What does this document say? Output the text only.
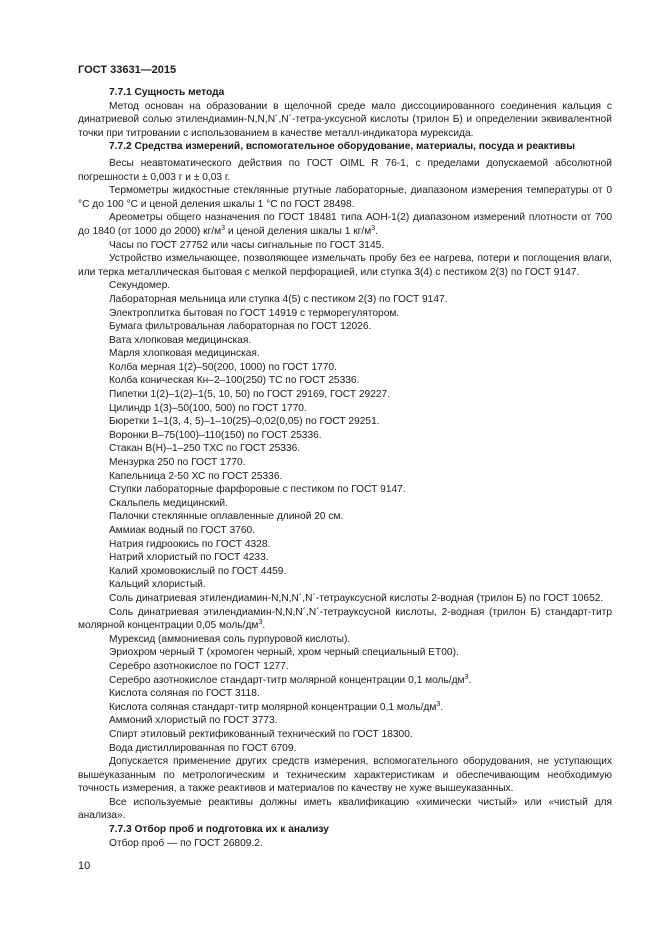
ГОСТ 33631—2015

7.7.1 Сущность метода

Метод основан на образовании в щелочной среде мало диссоциированного соединения кальция с динатриевой солью этилендиамин-N,N,N´,N´-тетра-уксусной кислоты (трилон Б) и определении эквивалентной точки при титровании с использованием в качестве металл-индикатора мурексида.

7.7.2 Средства измерений, вспомогательное оборудование, материалы, посуда и реактивы

Весы неавтоматического действия по ГОСТ OIML R 76-1, с пределами допускаемой абсолютной погрешности ± 0,003 г и ± 0,03 г.

Термометры жидкостные стеклянные ртутные лабораторные, диапазоном измерения температуры от 0 °С до 100 °С и ценой деления шкалы 1 °С по ГОСТ 28498.

Ареометры общего назначения по ГОСТ 18481 типа АОН-1(2) диапазоном измерений плотности от 700 до 1840 (от 1000 до 2000) $кг/м^3$ и ценой деления шкалы 1 $кг/м^3$.

Часы по ГОСТ 27752 или часы сигнальные по ГОСТ 3145.

Устройство измельчающее, позволяющее измельчать пробу без ее нагрева, потери и поглощения влаги, или терка металлическая бытовая с мелкой перфорацией, или ступка 3(4) с пестиком 2(3) по ГОСТ 9147.

Секундомер.

Лабораторная мельница или ступка 4(5) с пестиком 2(3) по ГОСТ 9147.

Электроплитка бытовая по ГОСТ 14919 с терморегулятором.

Бумага фильтровальная лабораторная по ГОСТ 12026.

Вата хлопковая медицинская.

Марля хлопковая медицинская.

Колба мерная 1(2)–50(200, 1000) по ГОСТ 1770.

Колба коническая Кн–2–100(250) ТС по ГОСТ 25336.

Пипетки 1(2)–1(2)–1(5, 10, 50) по ГОСТ 29169, ГОСТ 29227.

Цилиндр 1(3)–50(100, 500) по ГОСТ 1770.

Бюретки 1–1(3, 4, 5)–1–10(25)–0,02(0,05) по ГОСТ 29251.

Воронки В–75(100)–110(150) по ГОСТ 25336.

Стакан В(Н)–1–250 ТХС по ГОСТ 25336.

Мензурка 250 по ГОСТ 1770.

Капельница 2-50 ХС по ГОСТ 25336.

Ступки лабораторные фарфоровые с пестиком по ГОСТ 9147.

Скальпель медицинский.

Палочки стеклянные оплавленные длиной 20 см.

Аммиак водный по ГОСТ 3760.

Натрия гидроокись по ГОСТ 4328.

Натрий хлористый по ГОСТ 4233.

Калий хромовокислый по ГОСТ 4459.

Кальций хлористый.

Соль динатриевая этилендиамин-N,N,N´,N´-тетрауксусной кислоты 2-водная (трилон Б) по ГОСТ 10652.

Соль динатриевая этилендиамин-N,N,N´,N´-тетрауксусной кислоты, 2-водная (трилон Б) стандарт-титр молярной концентрации 0,05 моль/$дм^3$.

Мурексид (аммониевая соль пурпуровой кислоты).

Эриохром черный Т (хромоген черный, хром черный специальный ЕТ00).

Серебро азотнокислое по ГОСТ 1277.

Серебро азотнокислое стандарт-титр молярной концентрации 0,1 моль/$дм^3$.

Кислота соляная по ГОСТ 3118.

Кислота соляная стандарт-титр молярной концентрации 0,1 моль/$дм^3$.

Аммоний хлористый по ГОСТ 3773.

Спирт этиловый ректификованный технический по ГОСТ 18300.

Вода дистиллированная по ГОСТ 6709.

Допускается применение других средств измерения, вспомогательного оборудования, не уступающих вышеуказанным по метрологическим и техническим характеристикам и обеспечивающим необходимую точность измерения, а также реактивов и материалов по качеству не хуже вышеуказанных.

Все используемые реактивы должны иметь квалификацию «химически чистый» или «чистый для анализа».

7.7.3 Отбор проб и подготовка их к анализу

Отбор проб — по ГОСТ 26809.2.

10
